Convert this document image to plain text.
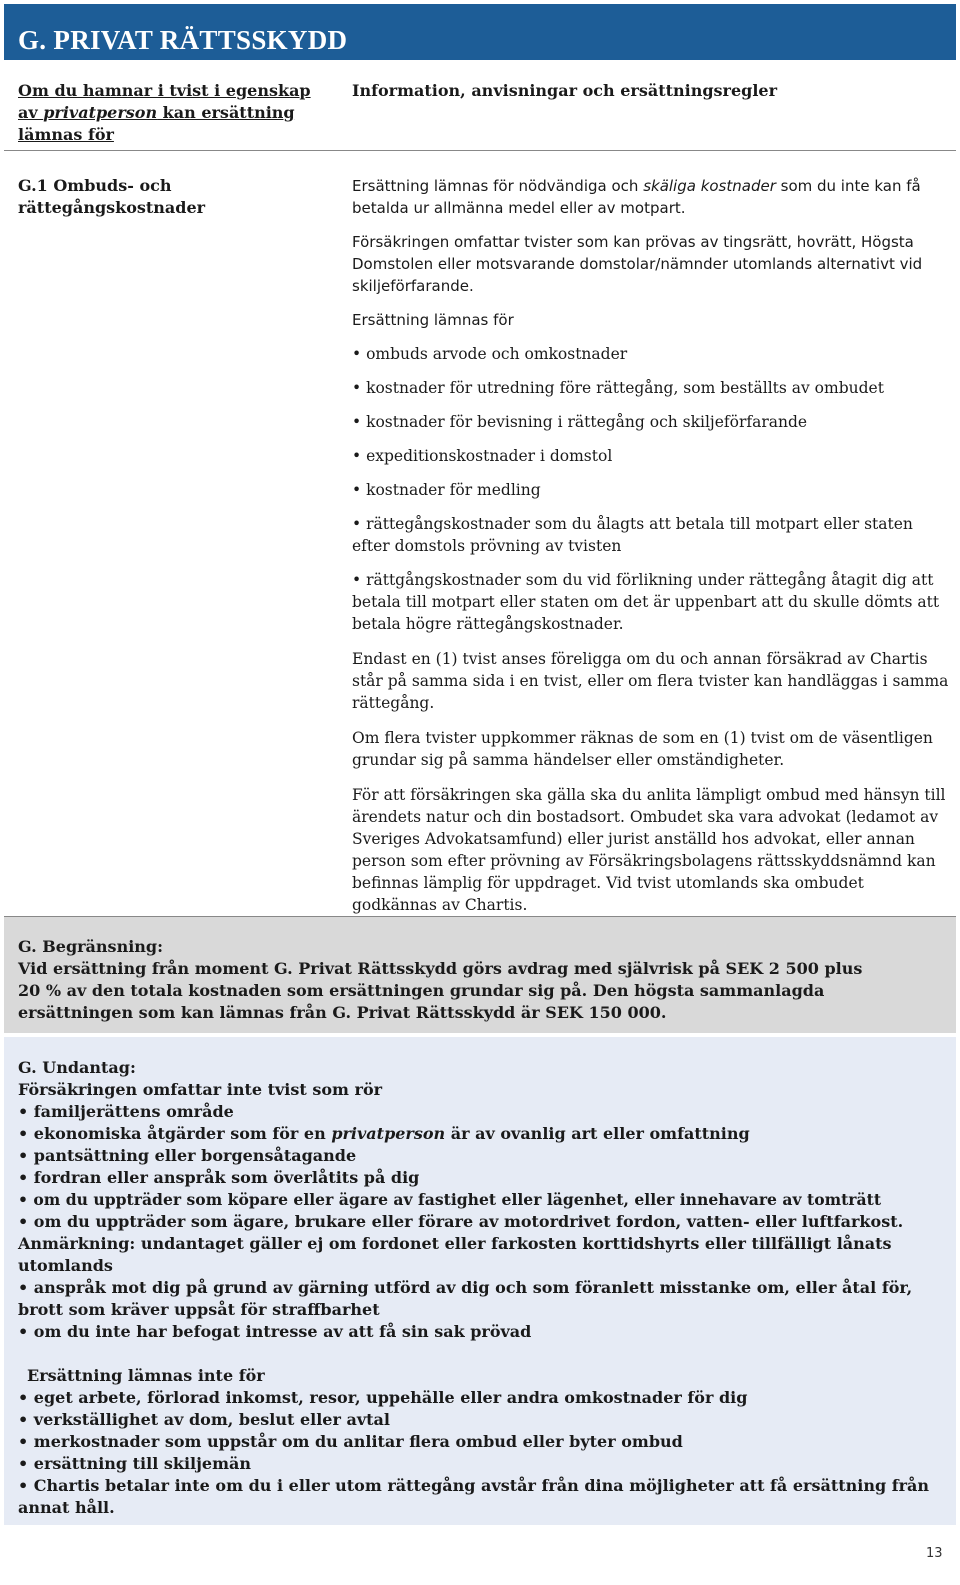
G. PRIVAT RÄTTSSKYDD
Om du hamnar i tvist i egenskap
av privatperson kan ersättning
lämnas för
Information, anvisningar och ersättningsregler
G.1 Ombuds- och
rättegångskostnader

Ersättning lämnas för nödvändiga och skäliga kostnader som du inte kan få betalda ur allmänna medel eller av motpart.

Försäkringen omfattar tvister som kan prövas av tingsrätt, hovrätt, Högsta Domstolen eller motsvarande domstolar/nämnder utomlands alternativt vid skiljeförfarande.

Ersättning lämnas för

• ombuds arvode och omkostnader

• kostnader för utredning före rättegång, som beställts av ombudet

• kostnader för bevisning i rättegång och skiljeförfarande

• expeditionskostnader i domstol

• kostnader för medling

• rättegångskostnader som du ålagts att betala till motpart eller staten efter domstols prövning av tvisten

• rättgångskostnader som du vid förlikning under rättegång åtagit dig att betala till motpart eller staten om det är uppenbart att du skulle dömts att betala högre rättegångskostnader.

Endast en (1) tvist anses föreligga om du och annan försäkrad av Chartis står på samma sida i en tvist, eller om flera tvister kan handläggas i samma rättegång.

Om flera tvister uppkommer räknas de som en (1) tvist om de väsentligen grundar sig på samma händelser eller omständigheter.

För att försäkringen ska gälla ska du anlita lämpligt ombud med hänsyn till ärendets natur och din bostadsort. Ombudet ska vara advokat (ledamot av Sveriges Advokatsamfund) eller jurist anställd hos advokat, eller annan person som efter prövning av Försäkringsbolagens rättsskyddsnämnd kan befinnas lämplig för uppdraget. Vid tvist utomlands ska ombudet godkännas av Chartis.

G. Begränsning:
Vid ersättning från moment G. Privat Rättsskydd görs avdrag med självrisk på SEK 2 500 plus
20 % av den totala kostnaden som ersättningen grundar sig på. Den högsta sammanlagda
ersättningen som kan lämnas från G. Privat Rättsskydd är SEK 150 000.
G. Undantag:
Försäkringen omfattar inte tvist som rör
• familjerättens område
• ekonomiska åtgärder som för en privatperson är av ovanlig art eller omfattning
• pantsättning eller borgensåtagande
• fordran eller anspråk som överlåtits på dig
• om du uppträder som köpare eller ägare av fastighet eller lägenhet, eller innehavare av tomträtt
• om du uppträder som ägare, brukare eller förare av motordrivet fordon, vatten- eller luftfarkost. Anmärkning: undantaget gäller ej om fordonet eller farkosten korttidshyrts eller tillfälligt lånats utomlands
• anspråk mot dig på grund av gärning utförd av dig och som föranlett misstanke om, eller åtal för, brott som kräver uppsåt för straffbarhet
• om du inte har befogat intresse av att få sin sak prövad
Ersättning lämnas inte för
• eget arbete, förlorad inkomst, resor, uppehälle eller andra omkostnader för dig
• verkställighet av dom, beslut eller avtal
• merkostnader som uppstår om du anlitar flera ombud eller byter ombud
• ersättning till skiljemän
• Chartis betalar inte om du i eller utom rättegång avstår från dina möjligheter att få ersättning från annat håll.
13
